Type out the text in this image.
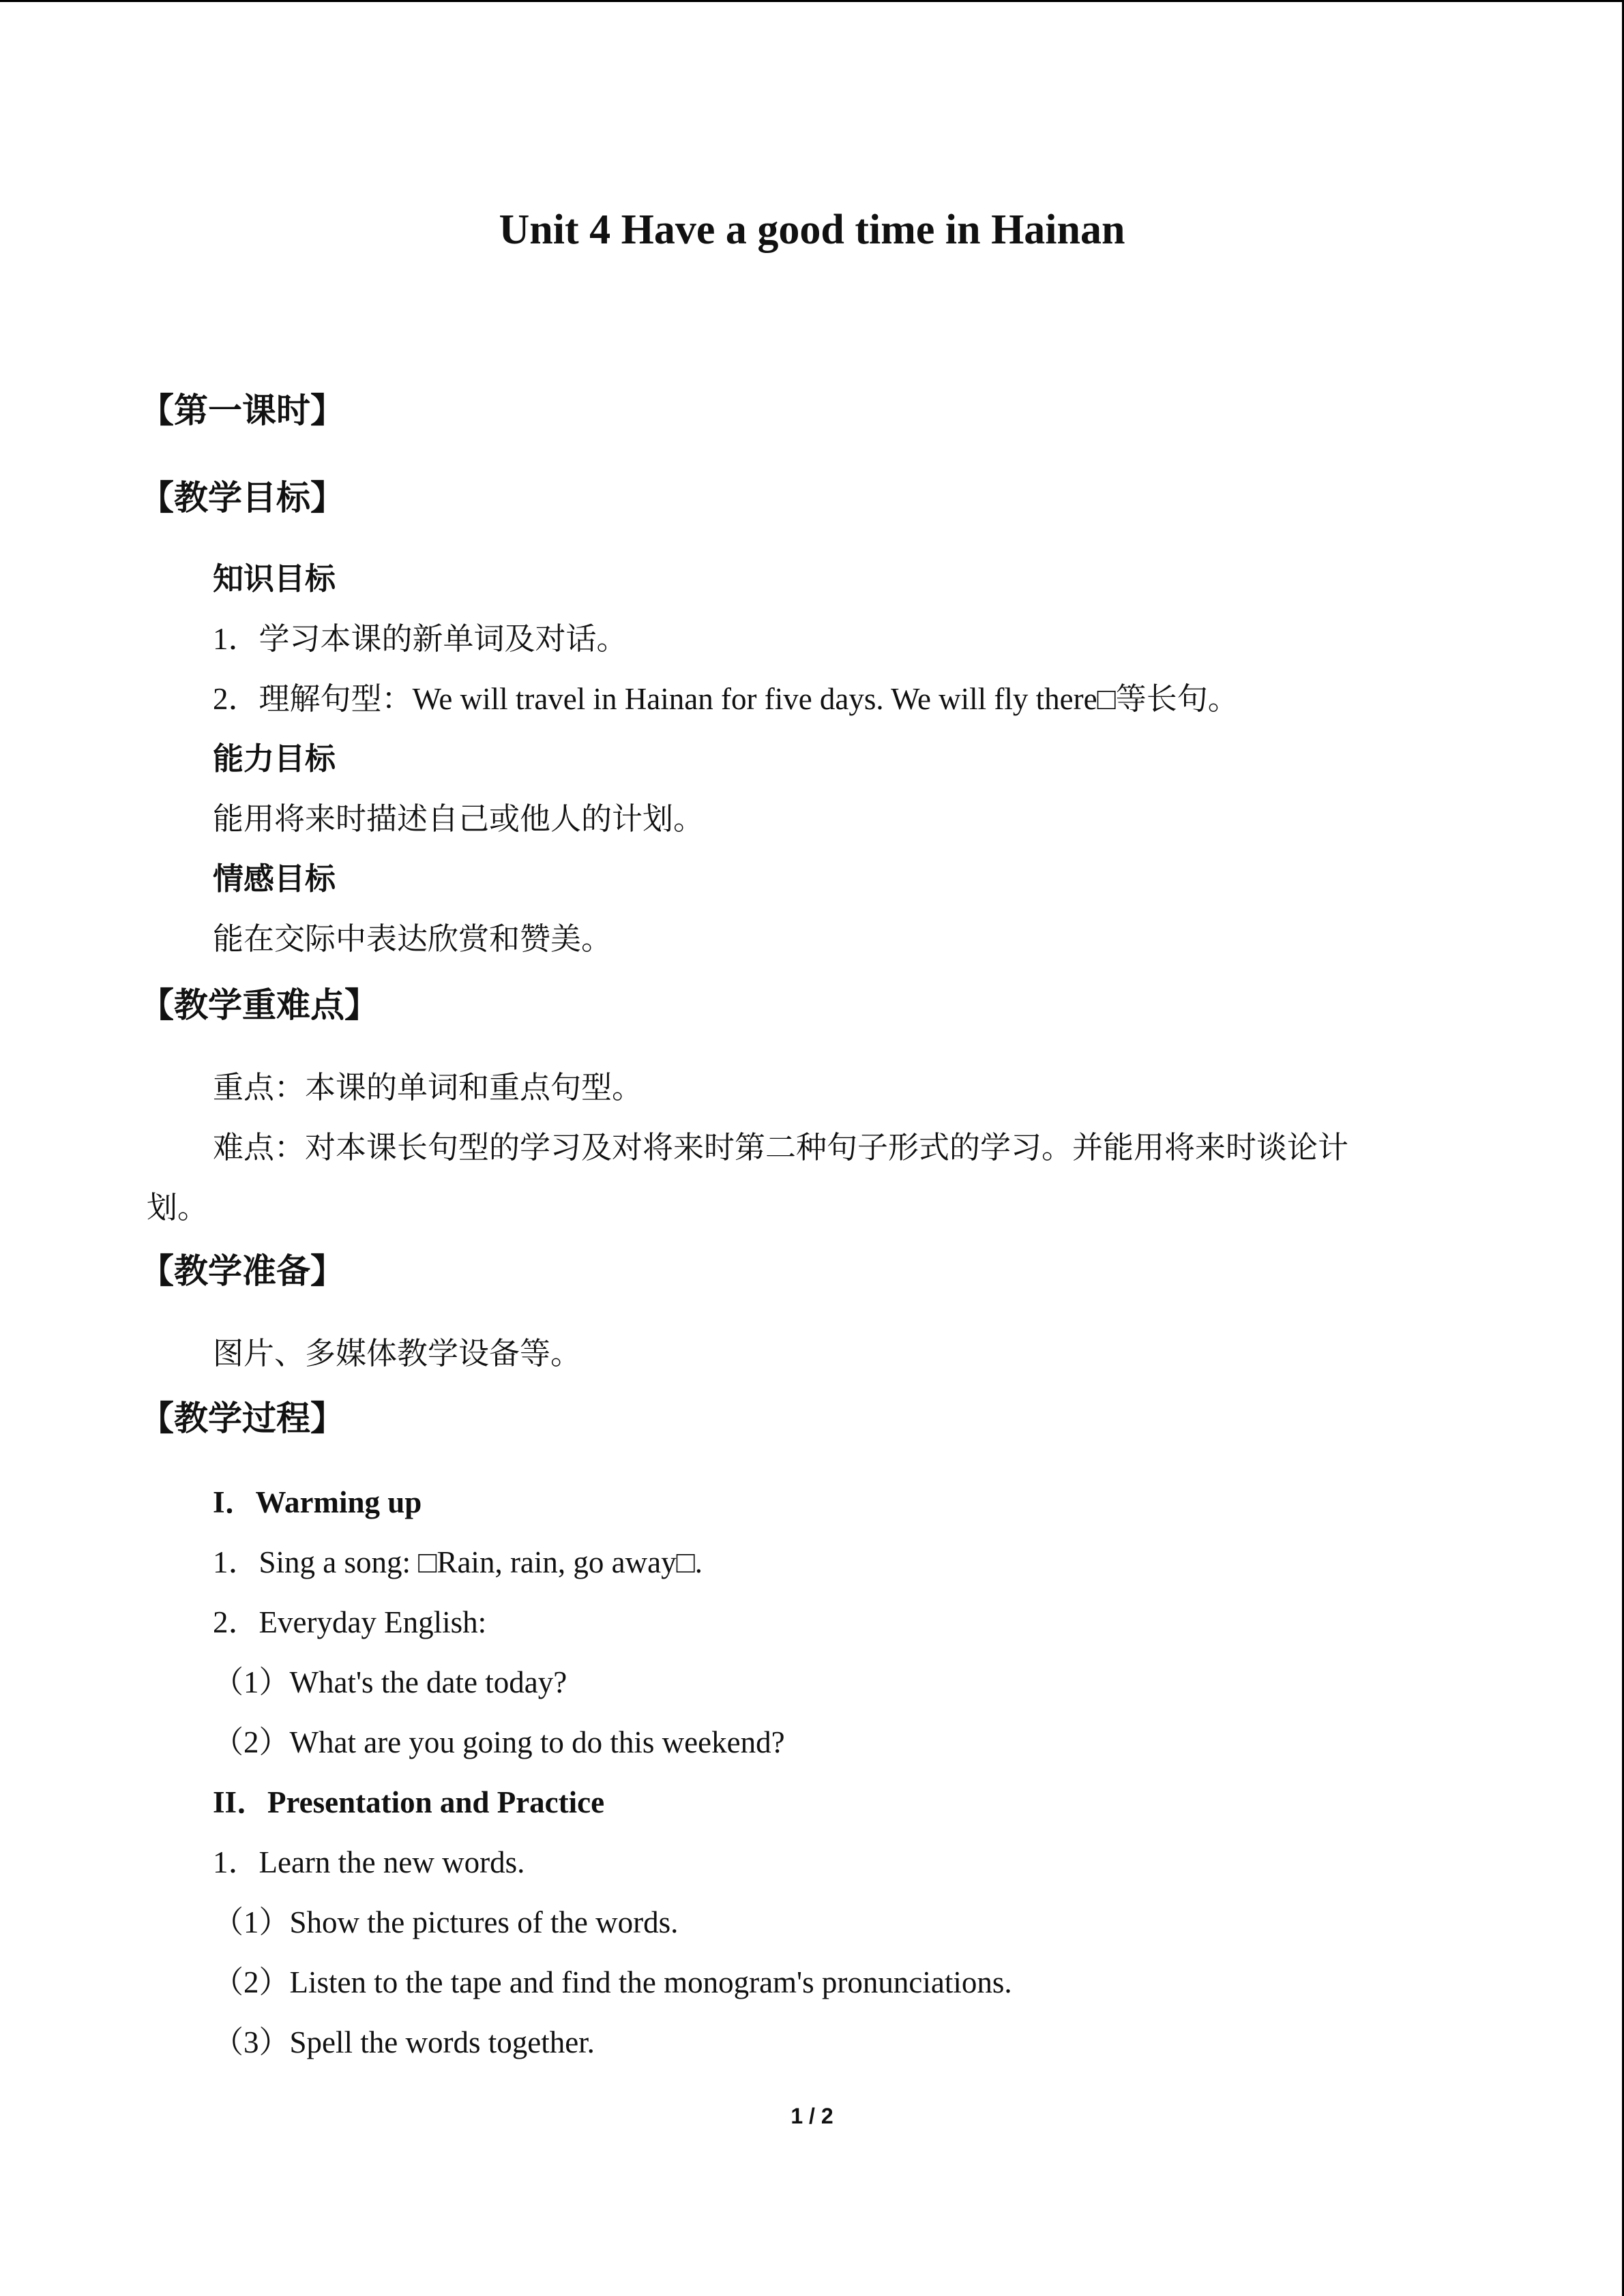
Unit 4 Have a good time in Hainan
【第一课时】
【教学目标】
知识目标
1．学习本课的新单词及对话。
2．理解句型：We will travel in Hainan for five days. We will fly there□等长句。
能力目标
能用将来时描述自己或他人的计划。
情感目标
能在交际中表达欣赏和赞美。
【教学重难点】
重点：本课的单词和重点句型。
难点：对本课长句型的学习及对将来时第二种句子形式的学习。并能用将来时谈论计
划。
【教学准备】
图片、多媒体教学设备等。
【教学过程】
I．Warming up
1．Sing a song: □Rain, rain, go away□.
2．Everyday English:
（1）What's the date today?
（2）What are you going to do this weekend?
II．Presentation and Practice
1．Learn the new words.
（1）Show the pictures of the words.
（2）Listen to the tape and find the monogram's pronunciations.
（3）Spell the words together.
1 / 2
